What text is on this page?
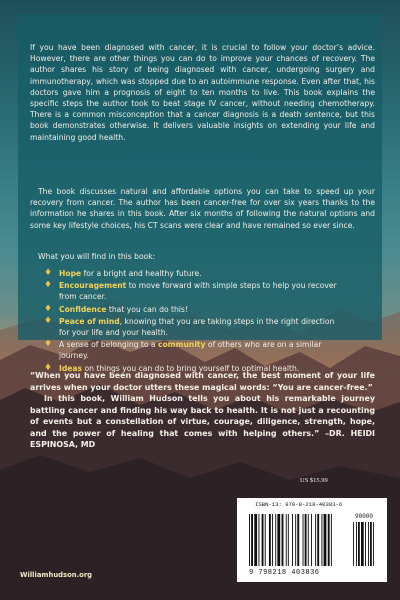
If you have been diagnosed with cancer, it is crucial to follow your doctor’s advice. However, there are other things you can do to improve your chances of recovery. The author shares his story of being diagnosed with cancer, undergoing surgery and immunotherapy, which was stopped due to an autoimmune response. Even after that, his doctors gave him a prognosis of eight to ten months to live. This book explains the specific steps the author took to beat stage IV cancer, without needing chemotherapy. There is a common misconception that a cancer diagnosis is a death sentence, but this book demonstrates otherwise. It delivers valuable insights on extending your life and maintaining good health.

The book discusses natural and affordable options you can take to speed up your recovery from cancer. The author has been cancer-free for over six years thanks to the information he shares in this book. After six months of following the natural options and some key lifestyle choices, his CT scans were clear and have remained so ever since.

What you will find in this book:
♦ Hope for a bright and healthy future.
♦ Encouragement to move forward with simple steps to help you recover from cancer.
♦ Confidence that you can do this!
♦ Peace of mind, knowing that you are taking steps in the right direction for your life and your health.
♦ A sense of belonging to a community of others who are on a similar journey.
♦ Ideas on things you can do to bring yourself to optimal health.
“When you have been diagnosed with cancer, the best moment of your life arrives when your doctor utters these magical words: “You are cancer-free.”
In this book, William Hudson tells you about his remarkable journey battling cancer and finding his way back to health. It is not just a recounting of events but a constellation of virtue, courage, diligence, strength, hope, and the power of healing that comes with helping others.” –DR. HEIDI ESPINOSA, MD
US $15.99
ISBN-13: 979-8-218-40383-6
90000
9 798218 403836
Williamhudson.org
